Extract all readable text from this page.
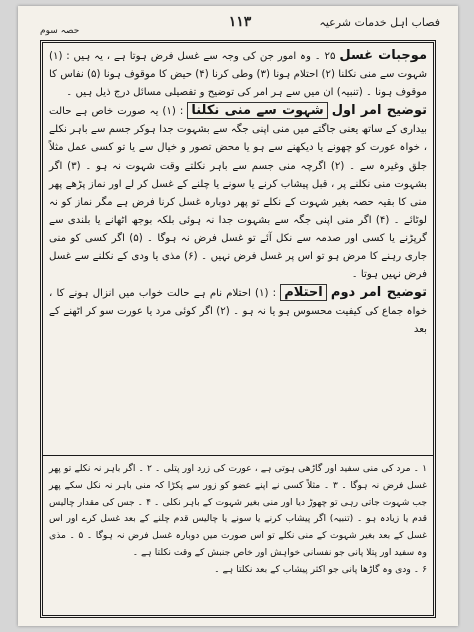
فصاب اہل خدمات شرعیہ
۱۱۳
حصہ سوم

موجبات غسل ۲۵ ۔ وہ امور جن کی وجہ سے غسل فرض ہوتا ہے ، یہ ہیں : (۱) شہوت سے منی نکلنا (۲) احتلام ہونا (۳) وطی کرنا (۴) حیض کا موقوف ہونا (۵) نفاس کا موقوف ہونا ۔ (تنبیہ) ان میں سے ہر امر کی توضیح و تفصیلی مسائل درج ذیل ہیں ۔

توضیح امر اول شہوت سے منی نکلنا : (۱) یہ صورت خاص ہے حالت بیداری کے ساتھ یعنی جاگتے میں منی اپنی جگہ سے بشہوت جدا ہوکر جسم سے باہر نکلے ، خواہ عورت کو چھونے یا دیکھنے سے ہو یا محض تصور و خیال سے یا تو کسی عمل مثلاً جلق وغیرہ سے ۔ (۲) اگرچہ منی جسم سے باہر نکلتے وقت شہوت نہ ہو ۔ (۳) اگر بشہوت منی نکلنے پر ، قبل پیشاب کرنے یا سونے یا چلنے کے غسل کر لے اور نماز پڑھے پھر منی کا بقیہ حصہ بغیر شہوت کے نکلے تو پھر دوبارہ غسل کرنا فرض ہے مگر نماز کو نہ لوٹائے ۔ (۴) اگر منی اپنی جگہ سے بشہوت جدا نہ ہوئی بلکہ بوجھ اٹھانے یا بلندی سے گرپڑنے یا کسی اور صدمہ سے نکل آئے تو غسل فرض نہ ہوگا ۔ (۵) اگر کسی کو منی جاری رہنے کا مرض ہو تو اس پر غسل فرض نہیں ۔ (۶) مذی یا ودی کے نکلنے سے غسل فرض نہیں ہوتا ۔

توضیح امر دوم احتلام : (۱) احتلام نام ہے حالت خواب میں انزال ہونے کا ، خواہ جماع کی کیفیت محسوس ہو یا نہ ہو ۔ (۲) اگر کوئی مرد یا عورت سو کر اٹھنے کے بعد

۱ ۔ مرد کی منی سفید اور گاڑھی ہوتی ہے ، عورت کی زرد اور پتلی ۔ ۲ ۔ اگر باہر نہ نکلے تو پھر غسل فرض نہ ہوگا ۔ ۳ ۔ مثلاً کسی نے اپنے عضو کو زور سے پکڑا کہ منی باہر نہ نکل سکے پھر جب شہوت جاتی رہی تو چھوڑ دیا اور منی بغیر شہوت کے باہر نکلی ۔ ۴ ۔ جس کی مقدار چالیس قدم یا زیادہ ہو ۔ (تنبیہ) اگر پیشاب کرنے یا سونے یا چالیس قدم چلنے کے بعد غسل کرے اور اس غسل کے بعد بغیر شہوت کے منی نکلے تو اس صورت میں دوبارہ غسل فرض نہ ہوگا ۔ ۵ ۔ مذی وہ سفید اور پتلا پانی جو نفسانی خواہش اور خاص جنبش کے وقت نکلتا ہے ۔

۶ ۔ ودی وہ گاڑھا پانی جو اکثر پیشاب کے بعد نکلتا ہے ۔
